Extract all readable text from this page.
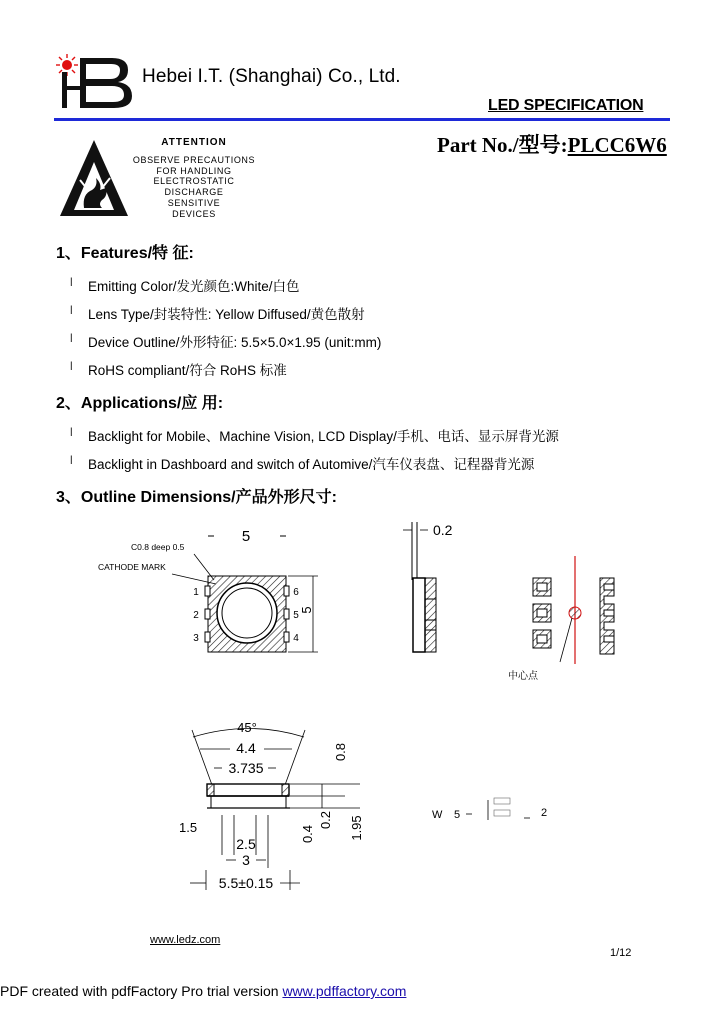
Hebei I.T. (Shanghai) Co., Ltd.
LED SPECIFICATION
Part No./型号:PLCC6W6
ATTENTION
OBSERVE PRECAUTIONS
FOR HANDLING
ELECTROSTATIC
DISCHARGE
SENSITIVE
DEVICES
1、Features/特 征:
l Emitting Color/发光颜色:White/白色
l Lens Type/封装特性: Yellow Diffused/黄色散射
l Device Outline/外形特征: 5.5×5.0×1.95 (unit:mm)
l RoHS compliant/符合 RoHS 标准
2、Applications/应 用:
l Backlight for Mobile、Machine Vision, LCD Display/手机、电话、显示屏背光源
l Backlight in Dashboard and switch of Automive/汽车仪表盘、记程器背光源
3、Outline Dimensions/产品外形尺寸:
5
C0.8 deep 0.5
CATHODE MARK
1
2
3
6
5
4
5
0.2
中心点
45°
4.4
3.735
0.8
0.4
0.2 1.95
1.5
2.5
3
5.5±0.15
W 5	2
www.ledz.com
1/12
PDF created with pdfFactory Pro trial version www.pdffactory.com
